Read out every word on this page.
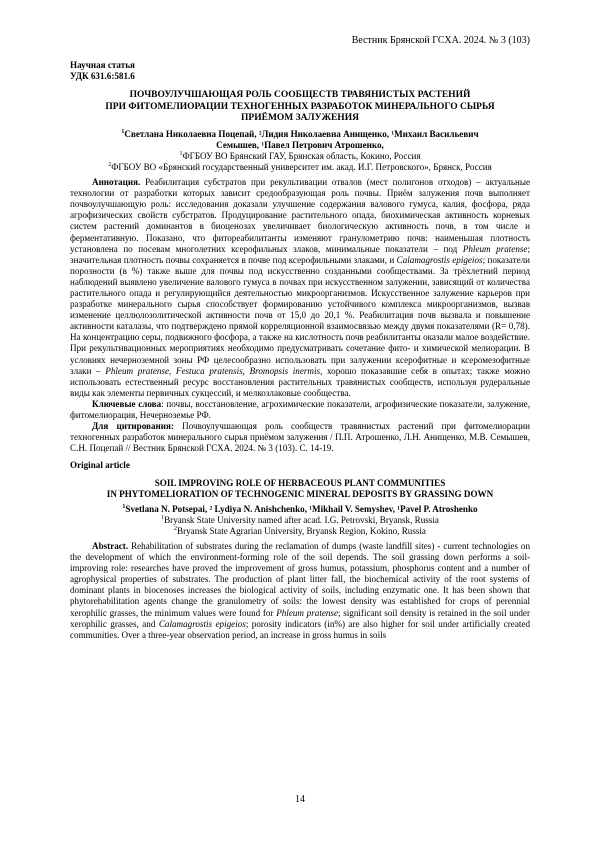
Вестник Брянской ГСХА. 2024. № 3 (103)
Научная статья
УДК 631.6:581.6
ПОЧВОУЛУЧШАЮЩАЯ РОЛЬ СООБЩЕСТВ ТРАВЯНИСТЫХ РАСТЕНИЙ
ПРИ ФИТОМЕЛИОРАЦИИ ТЕХНОГЕННЫХ РАЗРАБОТОК МИНЕРАЛЬНОГО СЫРЬЯ
ПРИЁМОМ ЗАЛУЖЕНИЯ
$^1$Светлана Николаевна Поцепай, ²Лидия Николаевна Анищенко, ¹Михаил Васильевич
Семышев, ¹Павел Петрович Атрошенко,
$^1$ФГБОУ ВО Брянский ГАУ, Брянская область, Кокино, Россия
$^2$ФГБОУ ВО «Брянский государственный университет им. акад. И.Г. Петровского», Брянск, Россия

Аннотация. Реабилитация субстратов при рекультивации отвалов (мест полигонов отходов) – актуальные технологии от разработки которых зависит средообразующая роль почвы. Приём залужения почв выполняет почвоулучшающую роль: исследования доказали улучшение содержания валового гумуса, калия, фосфора, ряда агрофизических свойств субстратов. Продуцирование растительного опада, биохимическая активность корневых систем растений доминантов в биоценозах увеличивает биологическую активность почв, в том числе и ферментативную. Показано, что фитореабилитанты изменяют гранулометрию почв: наименьшая плотность установлена по посевам многолетних ксерофильных злаков, минимальные показатели – под Phleum pratense; значительная плотность почвы сохраняется в почве под ксерофильными злаками, и Calamagrostis epigeios; показатели порозности (в %) также выше для почвы под искусственно созданными сообществами. За трёхлетний период наблюдений выявлено увеличение валового гумуса в почвах при искусственном залужении, зависящий от количества растительного опада и регулирующийся деятельностью микроорганизмов. Искусственное залужение карьеров при разработке минерального сырья способствует формированию устойчивого комплекса микроорганизмов, вызвав изменение целлюлозолитической активности почв от 15,0 до 20,1 %. Реабилитация почв вызвала и повышение активности каталазы, что подтверждено прямой корреляционной взаимосвязью между двумя показателями (R= 0,78). На концентрацию серы, подвижного фосфора, а также на кислотность почв реабилитанты оказали малое воздействие. При рекультивационных мероприятиях необходимо предусматривать сочетание фито- и химической мелиорации. В условиях нечерноземной зоны РФ целесообразно использовать при залужении ксерофитные и ксеромезофитные злаки – Phleum pratense, Festuca pratensis, Bromopsis inermis, хорошо показавшие себя в опытах; также можно использовать естественный ресурс восстановления растительных травянистых сообществ, используя рудеральные виды как элементы первичных сукцессий, и мелкозлаковые сообщества.

Ключевые слова: почвы, восстановление, агрохимические показатели, агрофизические показатели, залужение, фитомелиорация, Нечерноземье РФ.

Для цитирования: Почвоулучшающая роль сообществ травянистых растений при фитомелиорации техногенных разработок минерального сырья приёмом залужения / П.П. Атрошенко, Л.Н. Анищенко, М.В. Семышев, С.Н. Поцепай // Вестник Брянской ГСХА. 2024. № 3 (103). С. 14-19.

Original article
SOIL IMPROVING ROLE OF HERBACEOUS PLANT COMMUNITIES
IN PHYTOMELIORATION OF TECHNOGENIC MINERAL DEPOSITS BY GRASSING DOWN
$^1$Svetlana N. Potsepai, ² Lydiya N. Anishchenko, ¹Mikhail V. Semyshev, ¹Pavel P. Atroshenko
$^1$Bryansk State University named after acad. I.G. Petrovski, Bryansk, Russia
$^2$Bryansk State Agrarian University, Bryansk Region, Kokino, Russia

Abstract. Rehabilitation of substrates during the reclamation of dumps (waste landfill sites) - current technologies on the development of which the environment-forming role of the soil depends. The soil grassing down performs a soil-improving role: researches have proved the improvement of gross humus, potassium, phosphorus content and a number of agrophysical properties of substrates. The production of plant litter fall, the biochemical activity of the root systems of dominant plants in biocenoses increases the biological activity of soils, including enzymatic one. It has been shown that phytorehabilitation agents change the granulometry of soils: the lowest density was established for crops of perennial xerophilic grasses, the minimum values were found for Phleum pratense; significant soil density is retained in the soil under xerophilic grasses, and Calamagrostis epigeios; porosity indicators (in%) are also higher for soil under artificially created communities. Over a three-year observation period, an increase in gross humus in soils

14
